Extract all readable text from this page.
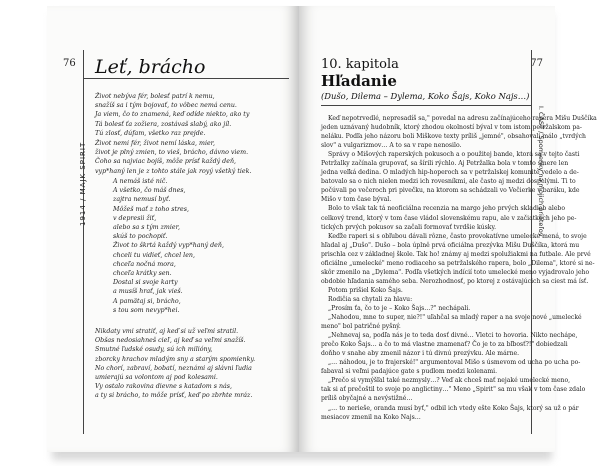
76 Leť, brácho
1914 / MAJK SPIRIT
Život nebýva fér, bolesť patrí k nemu,
snažíš sa i tým bojovať, to vôbec nemá cenu.
Ja viem, čo to znamená, keď odíde niekto, ako ty
Tá bolesť ťa zožiera, zostávaš slabý, ako jíl.
Tú zlosť, dúfam, všetko raz prejde.
Život nemi fér, život nemí láska, mier,
život je plný zmien, to vieš, brácho, dávno viem.
Čoho sa najviac bojíš, môže prísť každý deň,
vyp*haný len je z tohto stále jak royý všetký tiek.
A nemáš isté nič.
A všetko, čo máš dnes,
zajtra nemusí byť.
Môžeš mať z toho stres,
v depresii žiť,
alebo sa s tým zmier,
skúš to pochopiť.
Život to škrtá každý vyp*haný deň,
chceli tu vidieť, chcel len,
chceľa nočná mora,
chceľa krátky sen.
Dostal si svoje karty
a musíš hrať, jak vieš.
A pamätaj si, brácho,
s tou som nevyp*hei.
Nikdaty vmi stratiť, aj keď si už veľmi stratil.
Obšas nedosiahneš cieľ, aj keď sa veľmi snažíš.
Smutné ľudské osudy, sú ich milióny,
zborcky hrachov mladým sny a starým spomienky.
No chorí, zabraví, bobatí, neznámi aj slávni ľudia
umierajú sa volontom aj pod kolesami.
Vy ostalo rakovina dievne s katadom s nás,
a ty si brácho, to môže prísť, keď po zbrhte mráz.
77
I. ČASŤ / Spomienky na mojich priateľov
10. kapitola
Hľadanie
(Dušo, Dilema – Dylema, Koko Šajs, Koko Najs…)
Keď nepotrvedlé, nepresadíš sa," povedal na adresu začínajúceho rapera Mišu Duščíka
jeden uznávaný hudobník, ktorý zhodou okolností býval v tom istom petržalskom pa-
neláku. Podľa jeho názoru boli Miškove texty príliš „jemné", obsahovali málo „tvrdých
slov" a vulgarizmov… A to sa v rape nenosilo.
Správy o Mišových raperských pokusoch a o použitej bande, ktorá sa v tejto časti
Petržalky začínala grupovať, sa šírili rýchlo. Aj Petržalka bola v tomto smere len
jedna veľká dedina. O mladých hip-hoperoch sa v petržalskej komunite vedelo a de-
batovalo sa o nich nielen medzi ich rovesníkmi, ale často aj medzi dospelými. Ti to
počúvali po večeroch pri pivečku, na ktorom sa schádzali vo Večierke v baráku, kde
Mišo v tom čase býval.
Bolo to však tak tá neoficiálna recenzia na margo jeho prvých skladieb alebo
celkový trend, ktorý v tom čase vládol slovenskému rapu, ale v začiatkoch jeho pe-
tických prvých pokusov sa začali formovať tvrdšie kúsky.
Keďže raperi si s obľubou dávali rôzne, často provokatívne umelecké mená, to svoje
hľadal aj „Dušo". Dušo – bola úplně prvá oficiálna prezývka Mišu Duščíka, ktorá mu
prischla cez v základnej škole. Tak ho! známy aj medzi spolužiakmi na futbale. Ale prvé
oficiálne „umelecké" meno rodiaceho sa petržalského rapera, bolo „Dilema", ktoré si ne-
skôr zmenilo na „Dylema". Podľa všetkých indícií toto umelecké meno vyjadrovalo jeho
obdobie hľadania samého seba. Nerozhodnosť, po ktorej z ostávajúcich sa ciest má ísť.
Potom prišiel Koko Šajs.
Rodičia sa chytali za hlavu:
„Prosím ťa, čo to je – Koko Šajs…?" nechápali.
„Nahodou, mne to super, nie?!" uľahčal sa mladý raper a na svoje nové „umelecké
meno" bol patričné pyšný.
„Nehnevaj sa, podľa nás je to teda dosť divné… Vletci to hovoria. Nikto nechápe,
prečo Koko Šajs… a čo to má vlastne znamenať? Čo je to za bľbosť?!" dobiedzali
doňho v snahe aby zmenil názor i tú divnú prezývku. Ale márne.
„… náhodou, je to frajerské!" argumentoval Mišo s úsmevom od ucha po ucha po-
fabaval si veľmi padajúce gate s pudlom medzi kolenami.
„Prečo si vymýšľal také nezmysly…? Veď ak chceš mať nejaké umelecké meno,
tak si ať prečoštil to svoje po anglictiny…" Meno „Spirit" sa mu však v tom čase zdalo
príliš obyčajné a nevýstižné…
„… to nerieše, oranda musí byť," odbil ich vtedy ešte Koko Šajs, ktorý sa už o pár
mesiacov zmenil na Koko Najs…
